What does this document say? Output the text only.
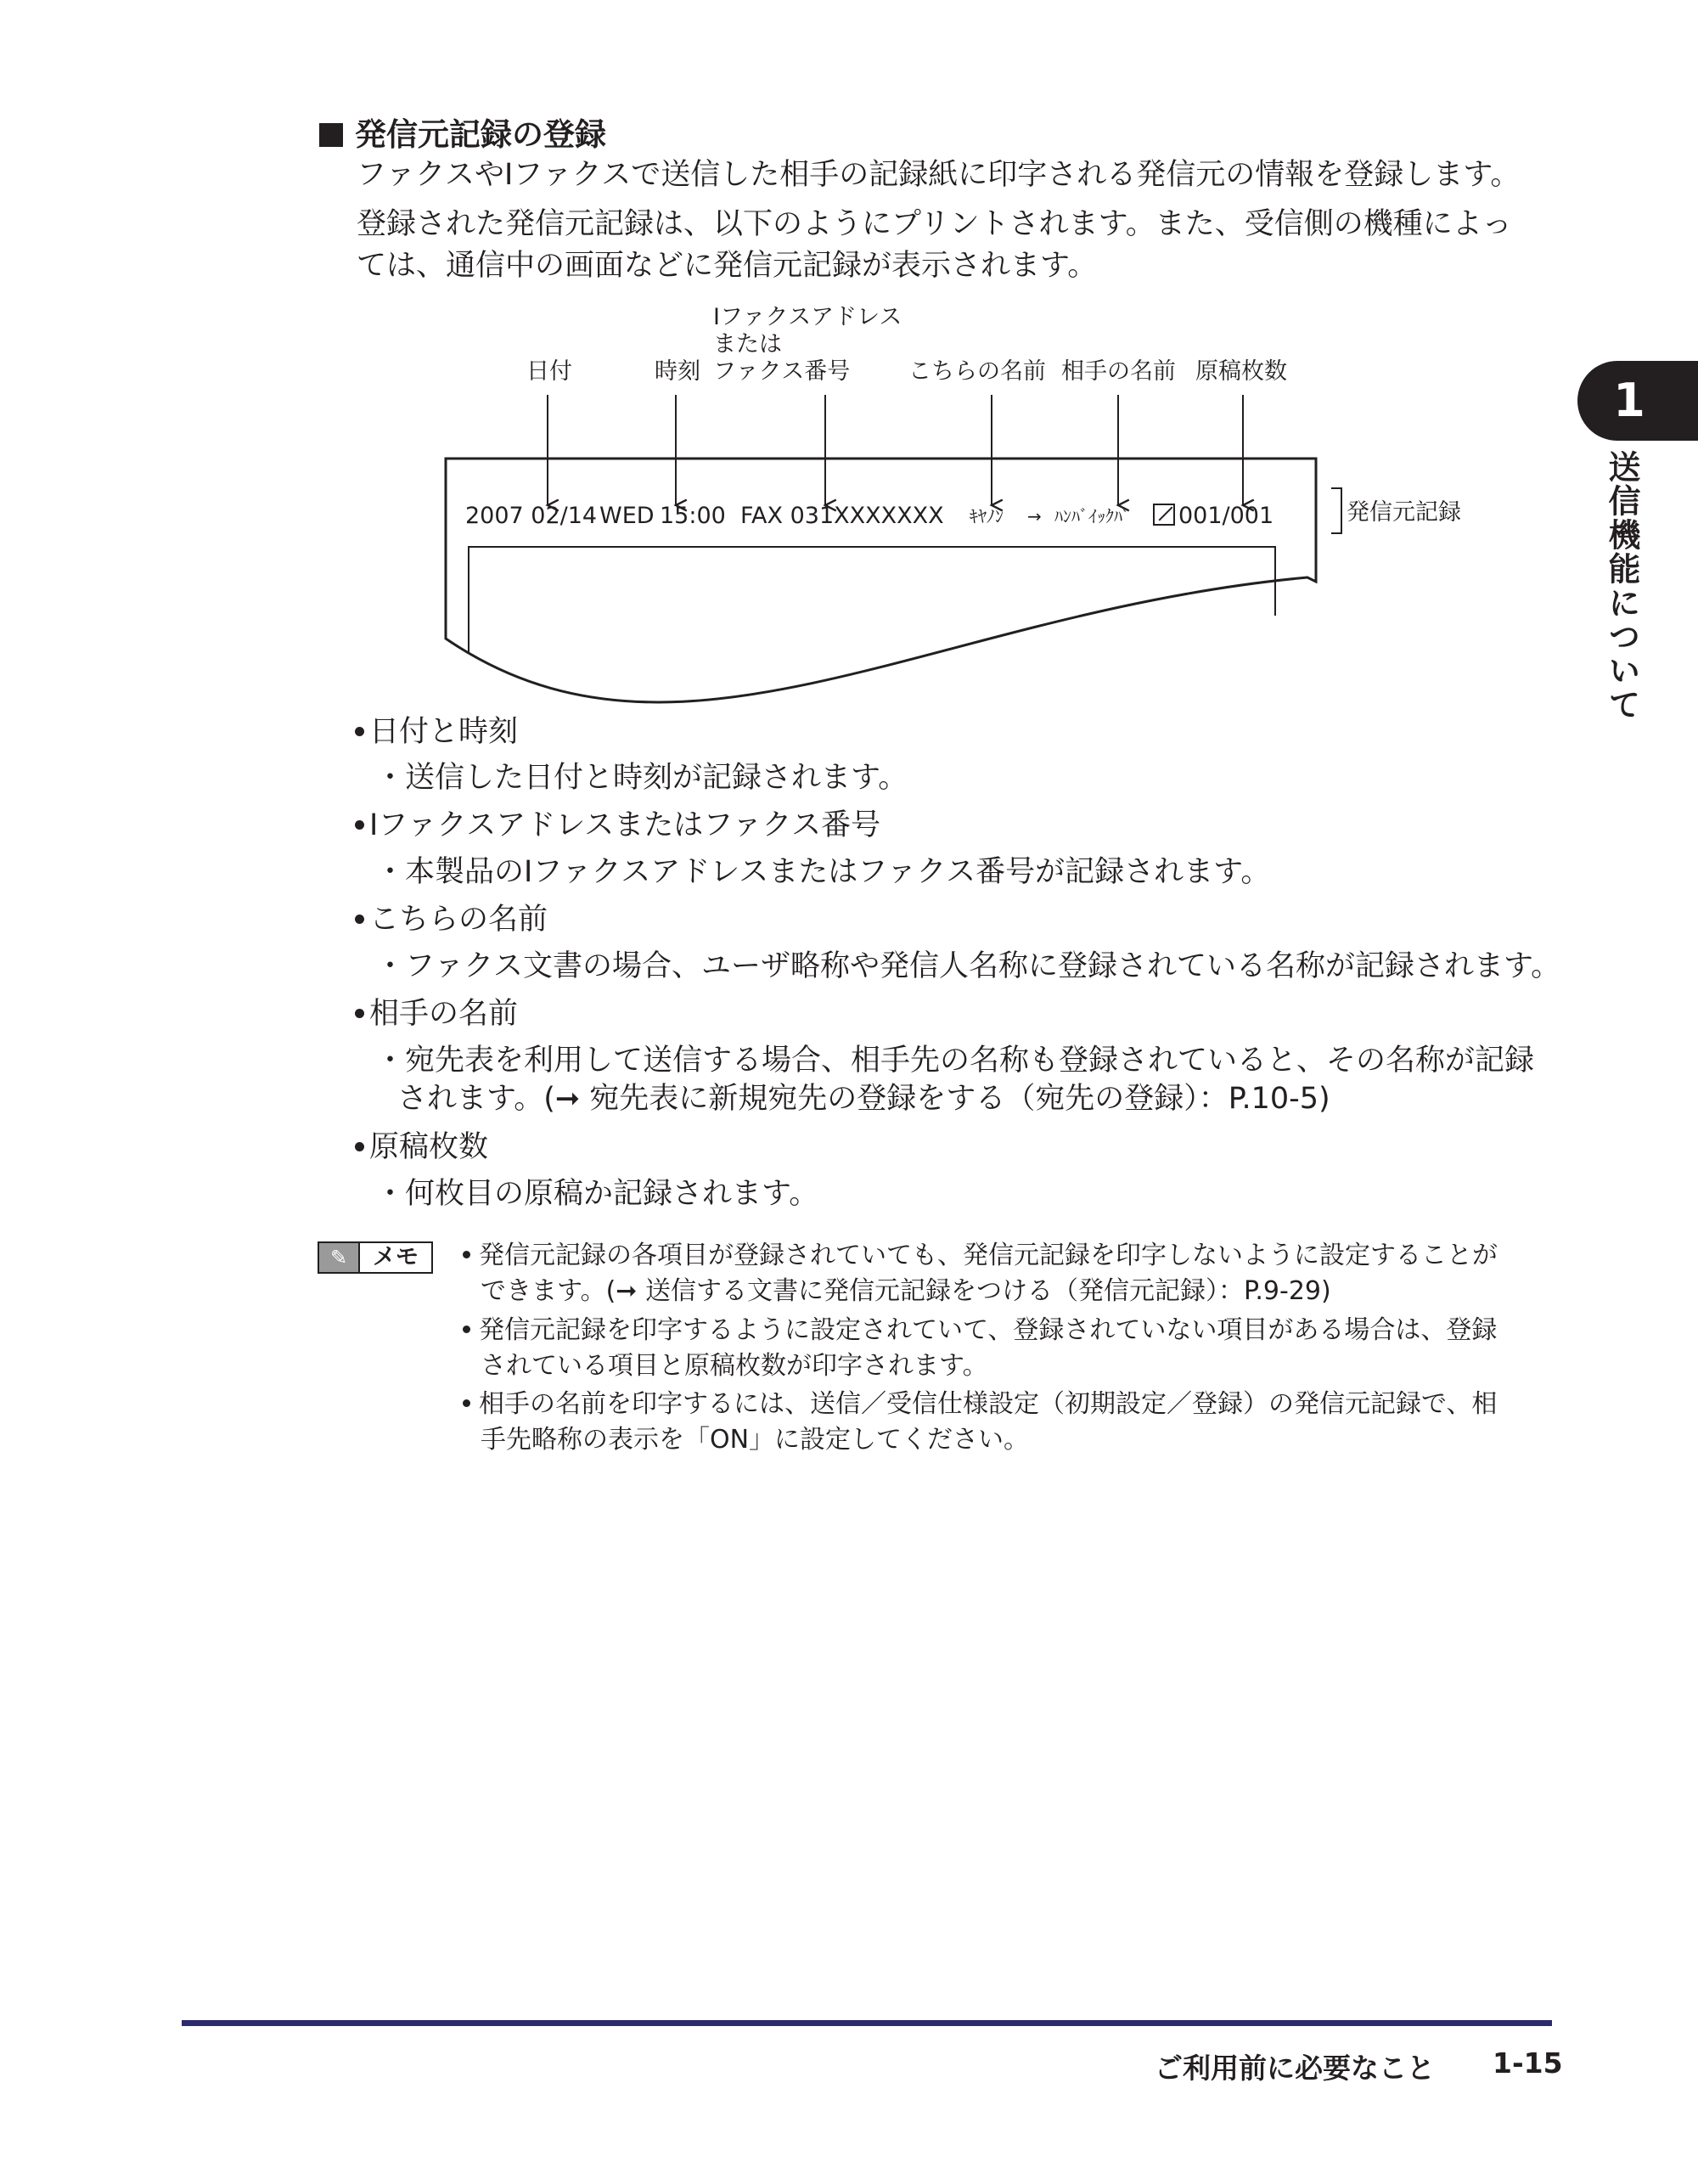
発信元記録の登録
ファクスやIファクスで送信した相手の記録紙に印字される発信元の情報を登録します。
登録された発信元記録は、以下のようにプリントされます。また、受信側の機種によっ
ては、通信中の画面などに発信元記録が表示されます。
日付	時刻
Iファクスアドレス
または
ファクス番号	こちらの名前 相手の名前 原稿枚数
2007 02/14 WED 15:00 FAX 031XXXXXXX ｷﾔﾉﾝ → ﾊﾝﾊﾞｲｯｸﾊﾞ	001/001	発信元記録
日付と時刻
・送信した日付と時刻が記録されます。
Iファクスアドレスまたはファクス番号
・本製品のIファクスアドレスまたはファクス番号が記録されます。
こちらの名前
・ファクス文書の場合、ユーザ略称や発信人名称に登録されている名称が記録されます。
相手の名前
・宛先表を利用して送信する場合、相手先の名称も登録されていると、その名称が記録
されます。(➞ 宛先表に新規宛先の登録をする（宛先の登録）：P.10-5)
原稿枚数
・何枚目の原稿か記録されます。
✎	メモ	発信元記録の各項目が登録されていても、発信元記録を印字しないように設定することが
できます。(➞ 送信する文書に発信元記録をつける（発信元記録）：P.9-29)
発信元記録を印字するように設定されていて、登録されていない項目がある場合は、登録
されている項目と原稿枚数が印字されます。
相手の名前を印字するには、送信／受信仕様設定（初期設定／登録）の発信元記録で、相
手先略称の表示を「ON」に設定してください。
1
送信機能について
ご利用前に必要なこと 1-15
